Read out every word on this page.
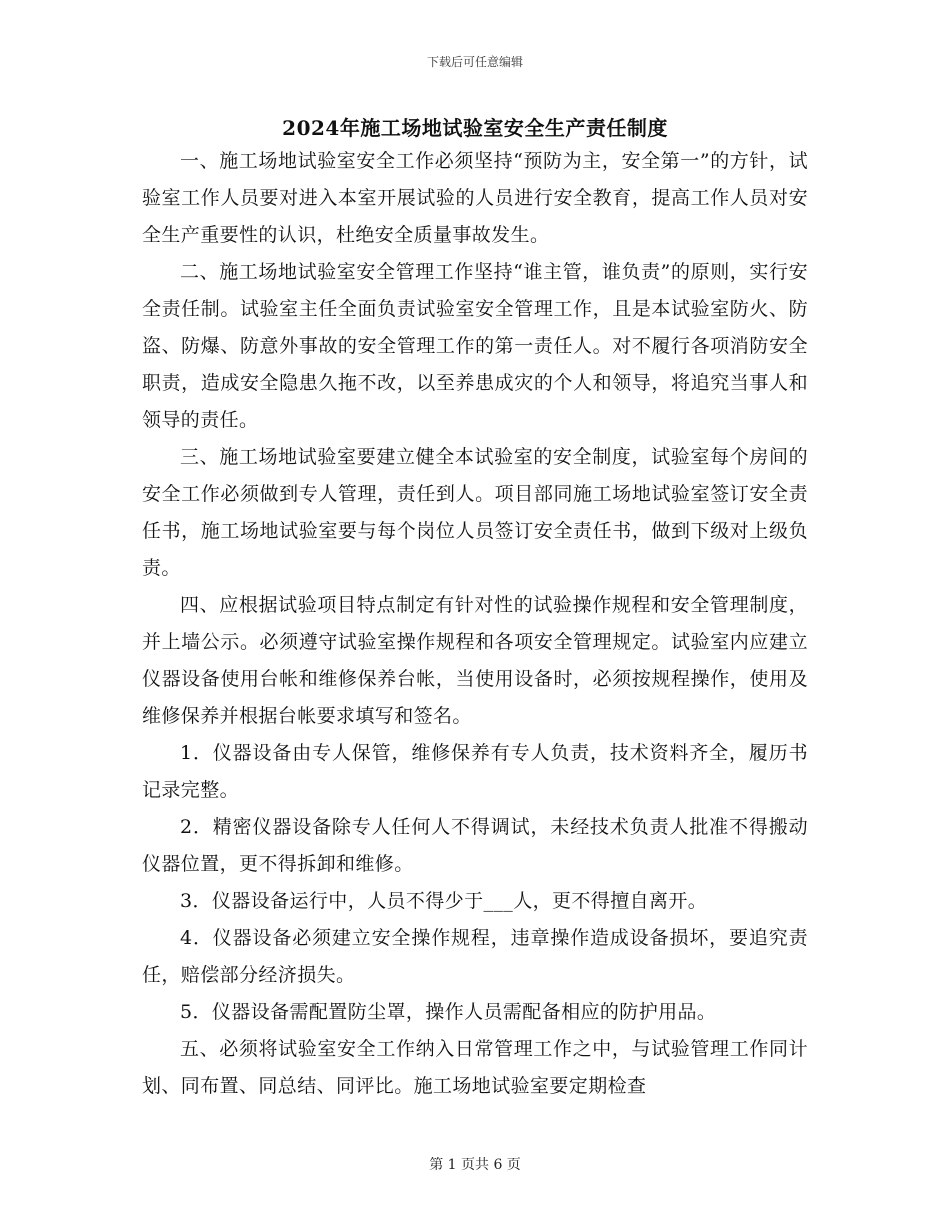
下载后可任意编辑
2024年施工场地试验室安全生产责任制度

一、施工场地试验室安全工作必须坚持“预防为主，安全第一”的方针，试验室工作人员要对进入本室开展试验的人员进行安全教育，提高工作人员对安全生产重要性的认识，杜绝安全质量事故发生。

二、施工场地试验室安全管理工作坚持“谁主管，谁负责”的原则，实行安全责任制。试验室主任全面负责试验室安全管理工作，且是本试验室防火、防盗、防爆、防意外事故的安全管理工作的第一责任人。对不履行各项消防安全职责，造成安全隐患久拖不改，以至养患成灾的个人和领导，将追究当事人和领导的责任。

三、施工场地试验室要建立健全本试验室的安全制度，试验室每个房间的安全工作必须做到专人管理，责任到人。项目部同施工场地试验室签订安全责任书，施工场地试验室要与每个岗位人员签订安全责任书，做到下级对上级负责。

四、应根据试验项目特点制定有针对性的试验操作规程和安全管理制度，并上墙公示。必须遵守试验室操作规程和各项安全管理规定。试验室内应建立仪器设备使用台帐和维修保养台帐，当使用设备时，必须按规程操作，使用及维修保养并根据台帐要求填写和签名。

1．仪器设备由专人保管，维修保养有专人负责，技术资料齐全，履历书记录完整。

2．精密仪器设备除专人任何人不得调试，未经技术负责人批准不得搬动仪器位置，更不得拆卸和维修。

3．仪器设备运行中，人员不得少于___人，更不得擅自离开。

4．仪器设备必须建立安全操作规程，违章操作造成设备损坏，要追究责任，赔偿部分经济损失。

5．仪器设备需配置防尘罩，操作人员需配备相应的防护用品。

五、必须将试验室安全工作纳入日常管理工作之中，与试验管理工作同计划、同布置、同总结、同评比。施工场地试验室要定期检查

第 1 页共 6 页
